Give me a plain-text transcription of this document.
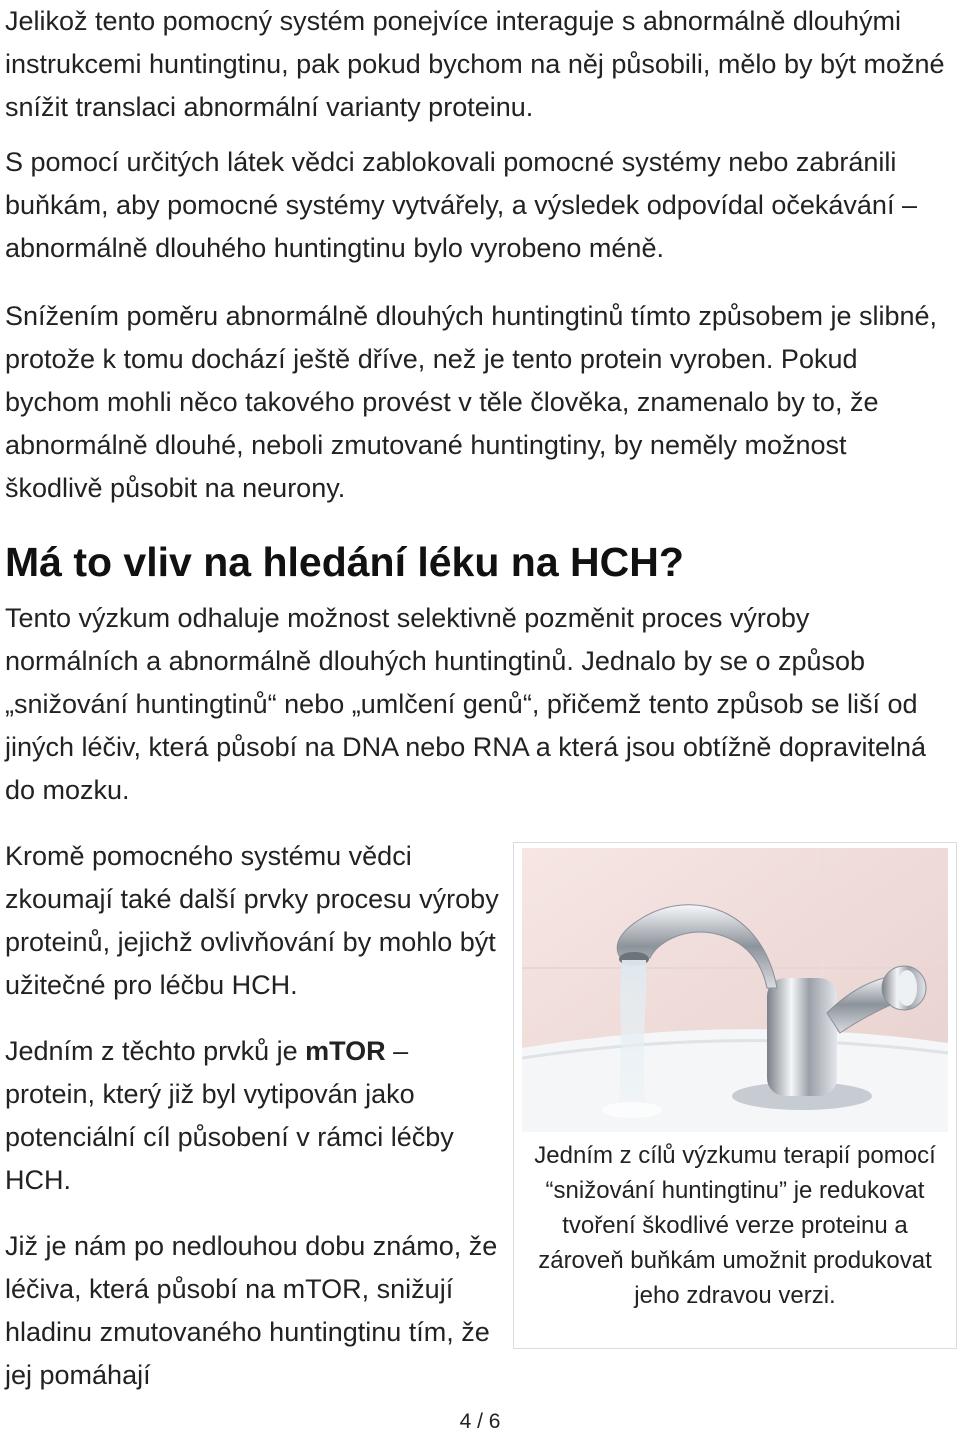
Jelikož tento pomocný systém ponejvíce interaguje s abnormálně dlouhými instrukcemi huntingtinu, pak pokud bychom na něj působili, mělo by být možné snížit translaci abnormální varianty proteinu.

S pomocí určitých látek vědci zablokovali pomocné systémy nebo zabránili buňkám, aby pomocné systémy vytvářely, a výsledek odpovídal očekávání – abnormálně dlouhého huntingtinu bylo vyrobeno méně.

Snížením poměru abnormálně dlouhých huntingtinů tímto způsobem je slibné, protože k tomu dochází ještě dříve, než je tento protein vyroben. Pokud bychom mohli něco takového provést v těle člověka, znamenalo by to, že abnormálně dlouhé, neboli zmutované huntingtiny, by neměly možnost škodlivě působit na neurony.

Má to vliv na hledání léku na HCH?

Tento výzkum odhaluje možnost selektivně pozměnit proces výroby normálních a abnormálně dlouhých huntingtinů. Jednalo by se o způsob „snižování huntingtinů“ nebo „umlčení genů“, přičemž tento způsob se liší od jiných léčiv, která působí na DNA nebo RNA a která jsou obtížně dopravitelná do mozku.

Kromě pomocného systému vědci zkoumají také další prvky procesu výroby proteinů, jejichž ovlivňování by mohlo být užitečné pro léčbu HCH.

Jedním z těchto prvků je mTOR – protein, který již byl vytipován jako potenciální cíl působení v rámci léčby HCH.

Již je nám po nedlouhou dobu známo, že léčiva, která působí na mTOR, snižují hladinu zmutovaného huntingtinu tím, že jej pomáhají

Jedním z cílů výzkumu terapií pomocí “snižování huntingtinu” je redukovat tvoření škodlivé verze proteinu a zároveň buňkám umožnit produkovat jeho zdravou verzi.

4 / 6
